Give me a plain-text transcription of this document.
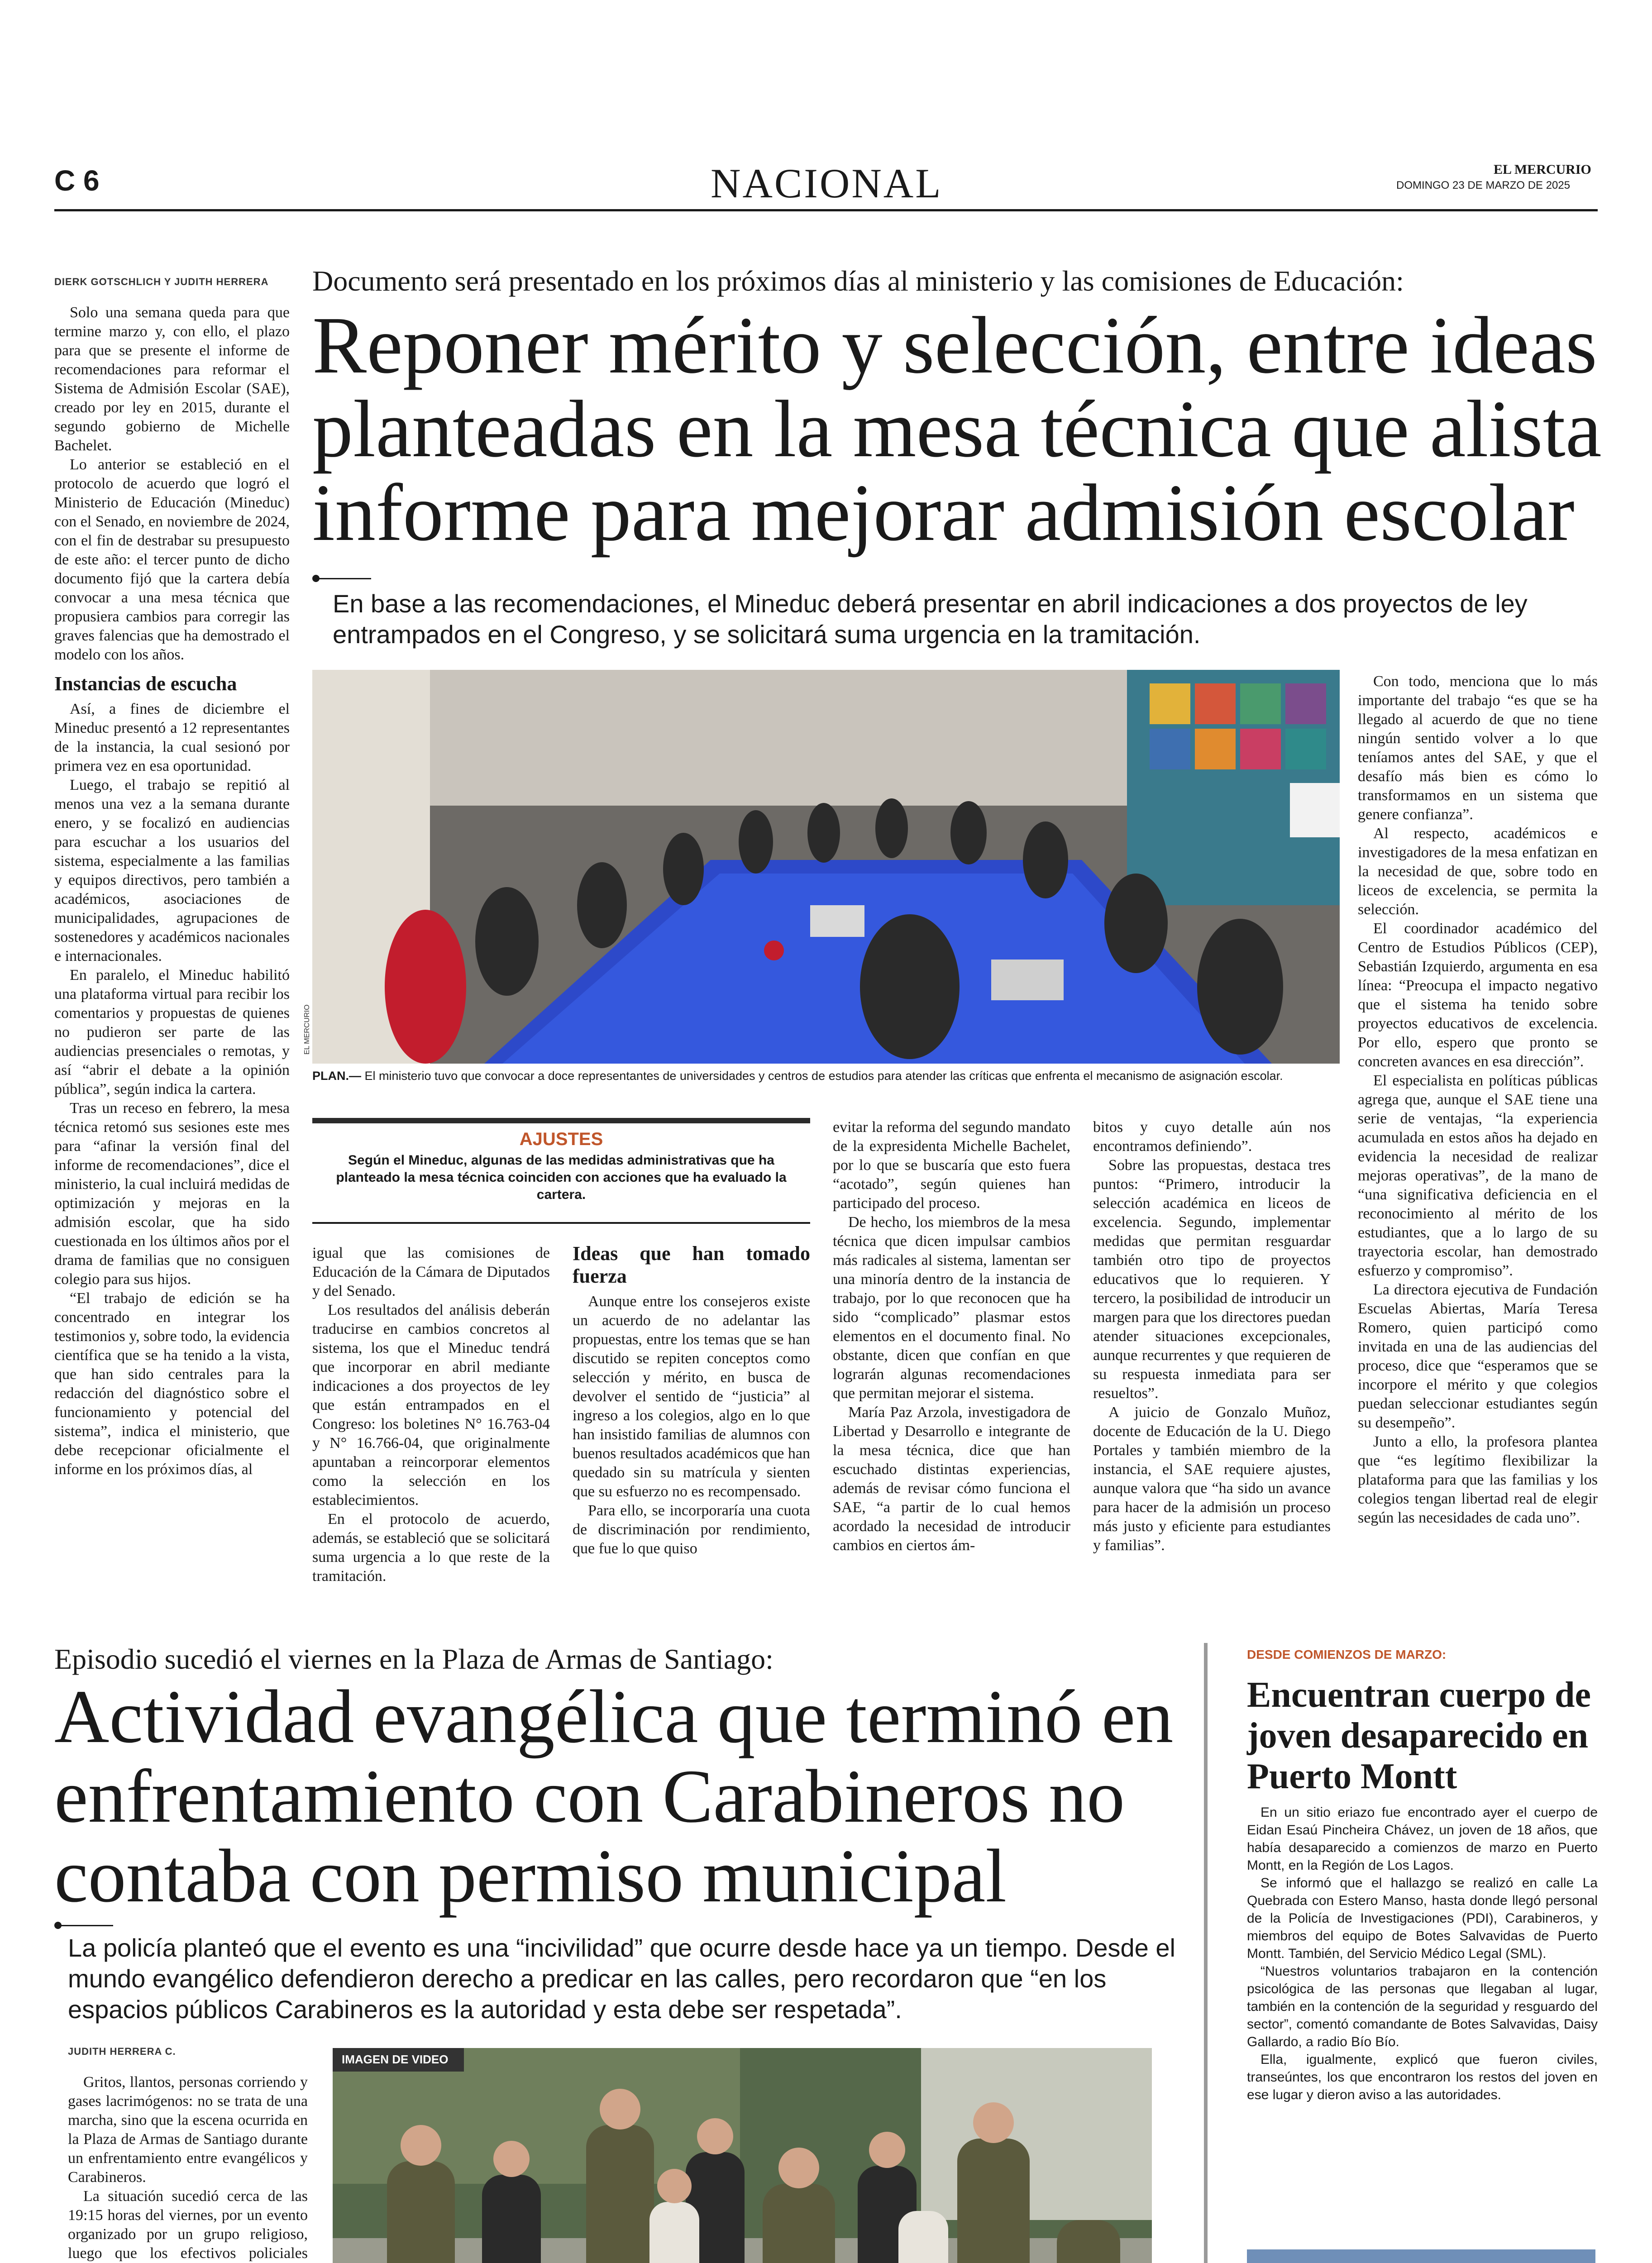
C 6	NACIONAL	EL MERCURIO
DOMINGO 23 DE MARZO DE 2025
DIERK GOTSCHLICH Y JUDITH HERRERA

Solo una semana queda para que termine marzo y, con ello, el plazo para que se presente el informe de recomendaciones para reformar el Sistema de Admisión Escolar (SAE), creado por ley en 2015, durante el segundo gobierno de Michelle Bachelet.

Lo anterior se estableció en el protocolo de acuerdo que logró el Ministerio de Educación (Mineduc) con el Senado, en noviembre de 2024, con el fin de destrabar su presupuesto de este año: el tercer punto de dicho documento fijó que la cartera debía convocar a una mesa técnica que propusiera cambios para corregir las graves falencias que ha demostrado el modelo con los años.

Instancias de escucha

Así, a fines de diciembre el Mineduc presentó a 12 representantes de la instancia, la cual sesionó por primera vez en esa oportunidad.

Luego, el trabajo se repitió al menos una vez a la semana durante enero, y se focalizó en audiencias para escuchar a los usuarios del sistema, especialmente a las familias y equipos directivos, pero también a académicos, asociaciones de municipalidades, agrupaciones de sostenedores y académicos nacionales e internacionales.

En paralelo, el Mineduc habilitó una plataforma virtual para recibir los comentarios y propuestas de quienes no pudieron ser parte de las audiencias presenciales o remotas, y así “abrir el debate a la opinión pública”, según indica la cartera.

Tras un receso en febrero, la mesa técnica retomó sus sesiones este mes para “afinar la versión final del informe de recomendaciones”, dice el ministerio, la cual incluirá medidas de optimización y mejoras en la admisión escolar, que ha sido cuestionada en los últimos años por el drama de familias que no consiguen colegio para sus hijos.

“El trabajo de edición se ha concentrado en integrar los testimonios y, sobre todo, la evidencia científica que se ha tenido a la vista, que han sido centrales para la redacción del diagnóstico sobre el funcionamiento y potencial del sistema”, indica el ministerio, que debe recepcionar oficialmente el informe en los próximos días, al

Documento será presentado en los próximos días al ministerio y las comisiones de Educación:
Reponer mérito y selección, entre ideas planteadas en la mesa técnica que alista informe para mejorar admisión escolar
En base a las recomendaciones, el Mineduc deberá presentar en abril indicaciones a dos proyectos de ley entrampados en el Congreso, y se solicitará suma urgencia en la tramitación.
EL MERCURIO
PLAN.— El ministerio tuvo que convocar a doce representantes de universidades y centros de estudios para atender las críticas que enfrenta el mecanismo de asignación escolar.
AJUSTES
Según el Mineduc, algunas de las medidas administrativas que ha planteado la mesa técnica coinciden con acciones que ha evaluado la cartera.

igual que las comisiones de Educación de la Cámara de Diputados y del Senado.

Los resultados del análisis deberán traducirse en cambios concretos al sistema, los que el Mineduc tendrá que incorporar en abril mediante indicaciones a dos proyectos de ley que están entrampados en el Congreso: los boletines N° 16.763-04 y N° 16.766-04, que originalmente apuntaban a reincorporar elementos como la selección en los establecimientos.

En el protocolo de acuerdo, además, se estableció que se solicitará suma urgencia a lo que reste de la tramitación.

Ideas que han tomado fuerza

Aunque entre los consejeros existe un acuerdo de no adelantar las propuestas, entre los temas que se han discutido se repiten conceptos como selección y mérito, en busca de devolver el sentido de “justicia” al ingreso a los colegios, algo en lo que han insistido familias de alumnos con buenos resultados académicos que han quedado sin su matrícula y sienten que su esfuerzo no es recompensado.

Para ello, se incorporaría una cuota de discriminación por rendimiento, que fue lo que quiso

evitar la reforma del segundo mandato de la expresidenta Michelle Bachelet, por lo que se buscaría que esto fuera “acotado”, según quienes han participado del proceso.

De hecho, los miembros de la mesa técnica que dicen impulsar cambios más radicales al sistema, lamentan ser una minoría dentro de la instancia de trabajo, por lo que reconocen que ha sido “complicado” plasmar estos elementos en el documento final. No obstante, dicen que confían en que lograrán algunas recomendaciones que permitan mejorar el sistema.

María Paz Arzola, investigadora de Libertad y Desarrollo e integrante de la mesa técnica, dice que han escuchado distintas experiencias, además de revisar cómo funciona el SAE, “a partir de lo cual hemos acordado la necesidad de introducir cambios en ciertos ám-

bitos y cuyo detalle aún nos encontramos definiendo”.

Sobre las propuestas, destaca tres puntos: “Primero, introducir la selección académica en liceos de excelencia. Segundo, implementar medidas que permitan resguardar también otro tipo de proyectos educativos que lo requieren. Y tercero, la posibilidad de introducir un margen para que los directores puedan atender situaciones excepcionales, aunque recurrentes y que requieren de su respuesta inmediata para ser resueltos”.

A juicio de Gonzalo Muñoz, docente de Educación de la U. Diego Portales y también miembro de la instancia, el SAE requiere ajustes, aunque valora que “ha sido un avance para hacer de la admisión un proceso más justo y eficiente para estudiantes y familias”.

Con todo, menciona que lo más importante del trabajo “es que se ha llegado al acuerdo de que no tiene ningún sentido volver a lo que teníamos antes del SAE, y que el desafío más bien es cómo lo transformamos en un sistema que genere confianza”.

Al respecto, académicos e investigadores de la mesa enfatizan en la necesidad de que, sobre todo en liceos de excelencia, se permita la selección.

El coordinador académico del Centro de Estudios Públicos (CEP), Sebastián Izquierdo, argumenta en esa línea: “Preocupa el impacto negativo que el sistema ha tenido sobre proyectos educativos de excelencia. Por ello, espero que pronto se concreten avances en esa dirección”.

El especialista en políticas públicas agrega que, aunque el SAE tiene una serie de ventajas, “la experiencia acumulada en estos años ha dejado en evidencia la necesidad de realizar mejoras operativas”, de la mano de “una significativa deficiencia en el reconocimiento al mérito de los estudiantes, que a lo largo de su trayectoria escolar, han demostrado esfuerzo y compromiso”.

La directora ejecutiva de Fundación Escuelas Abiertas, María Teresa Romero, quien participó como invitada en una de las audiencias del proceso, dice que “esperamos que se incorpore el mérito y que colegios puedan seleccionar estudiantes según su desempeño”.

Junto a ello, la profesora plantea que “es legítimo flexibilizar la plataforma para que las familias y los colegios tengan libertad real de elegir según las necesidades de cada uno”.

Episodio sucedió el viernes en la Plaza de Armas de Santiago:
Actividad evangélica que terminó en enfrentamiento con Carabineros no contaba con permiso municipal
La policía planteó que el evento es una “incivilidad” que ocurre desde hace ya un tiempo. Desde el mundo evangélico defendieron derecho a predicar en las calles, pero recordaron que “en los espacios públicos Carabineros es la autoridad y esta debe ser respetada”.
JUDITH HERRERA C.

Gritos, llantos, personas corriendo y gases lacrimógenos: no se trata de una marcha, sino que la escena ocurrida en la Plaza de Armas de Santiago durante un enfrentamiento entre evangélicos y Carabineros.

La situación sucedió cerca de las 19:15 horas del viernes, por un evento organizado por un grupo religioso, luego que los efectivos policiales

IMAGEN DE VIDEO

DESDE COMIENZOS DE MARZO:
Encuentran cuerpo de joven desaparecido en Puerto Montt

En un sitio eriazo fue encontrado ayer el cuerpo de Eidan Esaú Pincheira Chávez, un joven de 18 años, que había desaparecido a comienzos de marzo en Puerto Montt, en la Región de Los Lagos.

Se informó que el hallazgo se realizó en calle La Quebrada con Estero Manso, hasta donde llegó personal de la Policía de Investigaciones (PDI), Carabineros, y miembros del equipo de Botes Salvavidas de Puerto Montt. También, del Servicio Médico Legal (SML).

“Nuestros voluntarios trabajaron en la contención psicológica de las personas que llegaban al lugar, también en la contención de la seguridad y resguardo del sector”, comentó comandante de Botes Salvavidas, Daisy Gallardo, a radio Bío Bío.

Ella, igualmente, explicó que fueron civiles, transeúntes, los que encontraron los restos del joven en ese lugar y dieron aviso a las autoridades.
